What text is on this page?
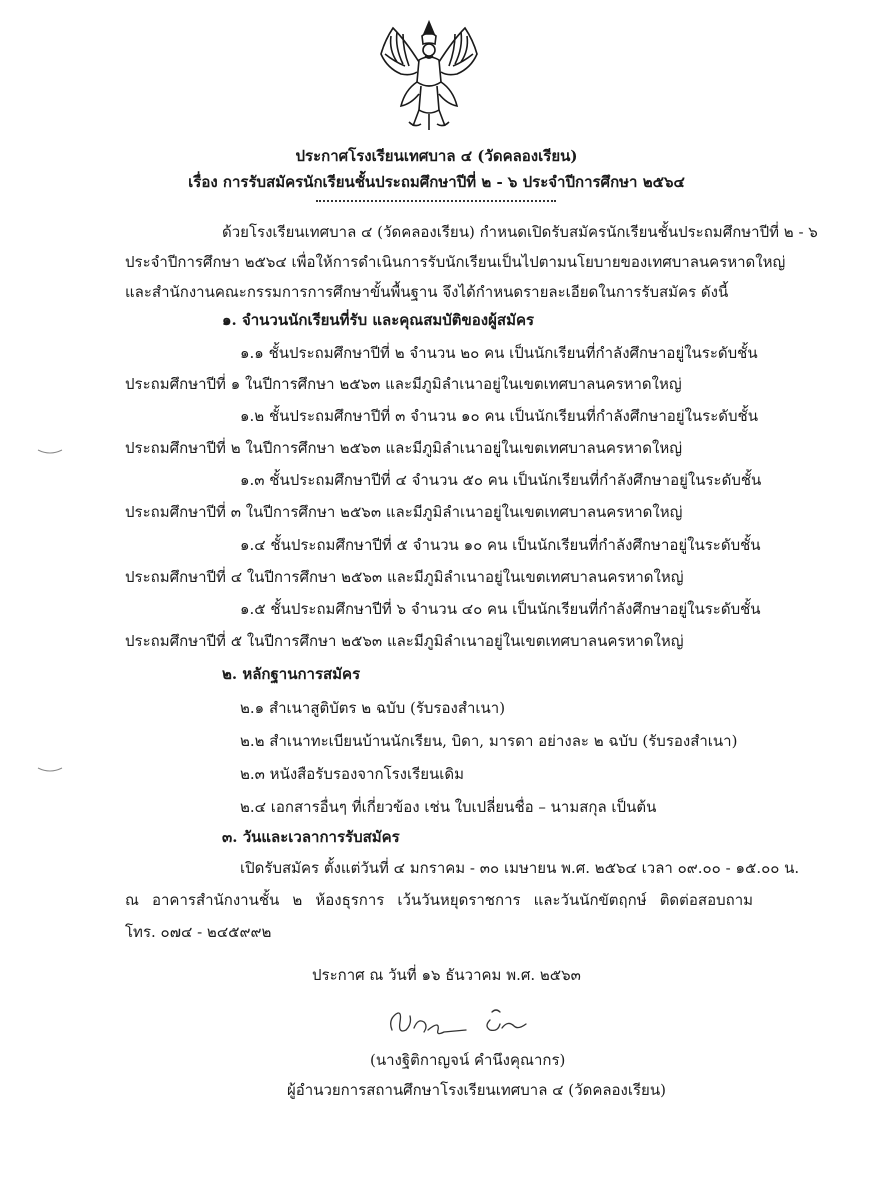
ประกาศโรงเรียนเทศบาล ๔ (วัดคลองเรียน)
เรื่อง การรับสมัครนักเรียนชั้นประถมศึกษาปีที่ ๒ - ๖ ประจำปีการศึกษา ๒๕๖๔
ด้วยโรงเรียนเทศบาล ๔ (วัดคลองเรียน) กำหนดเปิดรับสมัครนักเรียนชั้นประถมศึกษาปีที่ ๒ - ๖
ประจำปีการศึกษา ๒๕๖๔ เพื่อให้การดำเนินการรับนักเรียนเป็นไปตามนโยบายของเทศบาลนครหาดใหญ่
และสำนักงานคณะกรรมการการศึกษาขั้นพื้นฐาน จึงได้กำหนดรายละเอียดในการรับสมัคร ดังนี้
๑. จำนวนนักเรียนที่รับ และคุณสมบัติของผู้สมัคร
๑.๑ ชั้นประถมศึกษาปีที่ ๒ จำนวน ๒๐ คน เป็นนักเรียนที่กำลังศึกษาอยู่ในระดับชั้น
ประถมศึกษาปีที่ ๑ ในปีการศึกษา ๒๕๖๓ และมีภูมิลำเนาอยู่ในเขตเทศบาลนครหาดใหญ่
๑.๒ ชั้นประถมศึกษาปีที่ ๓ จำนวน ๑๐ คน เป็นนักเรียนที่กำลังศึกษาอยู่ในระดับชั้น
ประถมศึกษาปีที่ ๒ ในปีการศึกษา ๒๕๖๓ และมีภูมิลำเนาอยู่ในเขตเทศบาลนครหาดใหญ่
๑.๓ ชั้นประถมศึกษาปีที่ ๔ จำนวน ๕๐ คน เป็นนักเรียนที่กำลังศึกษาอยู่ในระดับชั้น
ประถมศึกษาปีที่ ๓ ในปีการศึกษา ๒๕๖๓ และมีภูมิลำเนาอยู่ในเขตเทศบาลนครหาดใหญ่
๑.๔ ชั้นประถมศึกษาปีที่ ๕ จำนวน ๑๐ คน เป็นนักเรียนที่กำลังศึกษาอยู่ในระดับชั้น
ประถมศึกษาปีที่ ๔ ในปีการศึกษา ๒๕๖๓ และมีภูมิลำเนาอยู่ในเขตเทศบาลนครหาดใหญ่
๑.๕ ชั้นประถมศึกษาปีที่ ๖ จำนวน ๔๐ คน เป็นนักเรียนที่กำลังศึกษาอยู่ในระดับชั้น
ประถมศึกษาปีที่ ๕ ในปีการศึกษา ๒๕๖๓ และมีภูมิลำเนาอยู่ในเขตเทศบาลนครหาดใหญ่
๒. หลักฐานการสมัคร
๒.๑ สำเนาสูติบัตร ๒ ฉบับ (รับรองสำเนา)
๒.๒ สำเนาทะเบียนบ้านนักเรียน, บิดา, มารดา อย่างละ ๒ ฉบับ (รับรองสำเนา)
๒.๓ หนังสือรับรองจากโรงเรียนเดิม
๒.๔ เอกสารอื่นๆ ที่เกี่ยวข้อง เช่น ใบเปลี่ยนชื่อ – นามสกุล เป็นต้น
๓. วันและเวลาการรับสมัคร
เปิดรับสมัคร ตั้งแต่วันที่ ๔ มกราคม - ๓๐ เมษายน พ.ศ. ๒๕๖๔ เวลา ๐๙.๐๐ - ๑๕.๐๐ น.
ณ อาคารสำนักงานชั้น ๒ ห้องธุรการ เว้นวันหยุดราชการ และวันนักขัตฤกษ์ ติดต่อสอบถาม
โทร. ๐๗๔ - ๒๔๕๙๙๒
ประกาศ ณ วันที่ ๑๖ ธันวาคม พ.ศ. ๒๕๖๓
ธิดา คำ
(นางฐิติกาญจน์ คำนึงคุณากร)
ผู้อำนวยการสถานศึกษาโรงเรียนเทศบาล ๔ (วัดคลองเรียน)
